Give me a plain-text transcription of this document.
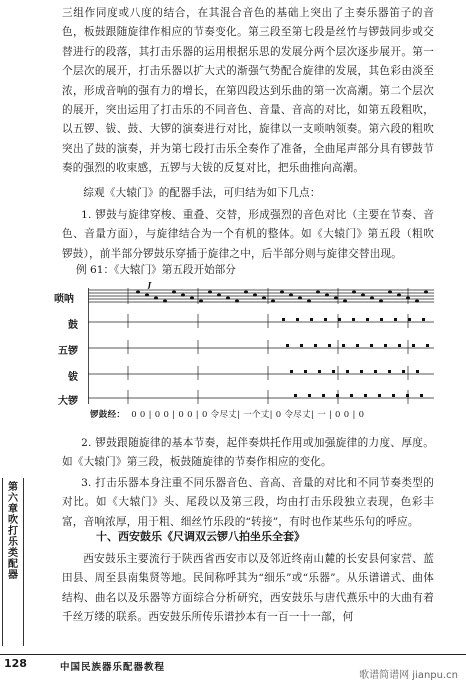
三组作同度或八度的结合，在其混合音色的基础上突出了主奏乐器笛子的音色，板鼓跟随旋律作相应的节奏变化。第三段至第七段是丝竹与锣鼓同步或交替进行的段落，其打击乐器的运用根据乐思的发展分两个层次逐步展开。第一个层次的展开，打击乐器以扩大式的渐强气势配合旋律的发展，其色彩由淡至浓，形成音响的强有力的增长，在第四段达到乐曲的第一次高潮。第二个层次的展开，突出运用了打击乐的不同音色、音量、音高的对比，如第五段粗吹，以五锣、钹、鼓、大锣的演奏进行对比，旋律以一支唢呐领奏。第六段的粗吹突出了鼓的演奏，并为第七段打击乐全奏作了准备，全曲尾声部分具有锣鼓节奏的强烈的收束感，五锣与大钹的反复对比，把乐曲推向高潮。
综观《大辕门》的配器手法，可归结为如下几点：
1. 锣鼓与旋律穿梭、重叠、交替，形成强烈的音色对比（主要在节奏、音色、音量方面），与旋律结合为一个有机的整体。如《大辕门》第五段（粗吹锣鼓），前半部分锣鼓乐穿插于旋律之中，后半部分则与旋律交替出现。
例 61：《大辕门》第五段开始部分
f
唢呐
鼓
五锣
钹
大锣
锣鼓经： 0 0 | 0 0 | 0 0 | 0 令尽丈| 一个丈| 0 令尽丈| 一 | 0 0 | 0
2. 锣鼓跟随旋律的基本节奏，起伴奏烘托作用或加强旋律的力度、厚度。如《大辕门》第三段，板鼓随旋律的节奏作相应的变化。
3. 打击乐器本身注重不同乐器音色、音高、音量的对比和不同节奏类型的对比。如《大辕门》头、尾段以及第三段，均由打击乐段独立表现，色彩丰富，音响浓厚，用于粗、细丝竹乐段的“转接”，有时也作某些乐句的呼应。
十、西安鼓乐《尺调双云锣八拍坐乐全套》
西安鼓乐主要流行于陕西省西安市以及邻近终南山麓的长安县何家营、蓝田县、周至县南集贤等地。民间称呼其为“细乐”或“乐器”。从乐谱谱式、曲体结构、曲名以及乐器等方面综合分析研究，西安鼓乐与唐代燕乐中的大曲有着千丝万缕的联系。西安鼓乐所传乐谱抄本有一百一十一部，何
第六章 吹打乐类配器
128	中国民族器乐配器教程
歌谱简谱网 jianpu.cn
